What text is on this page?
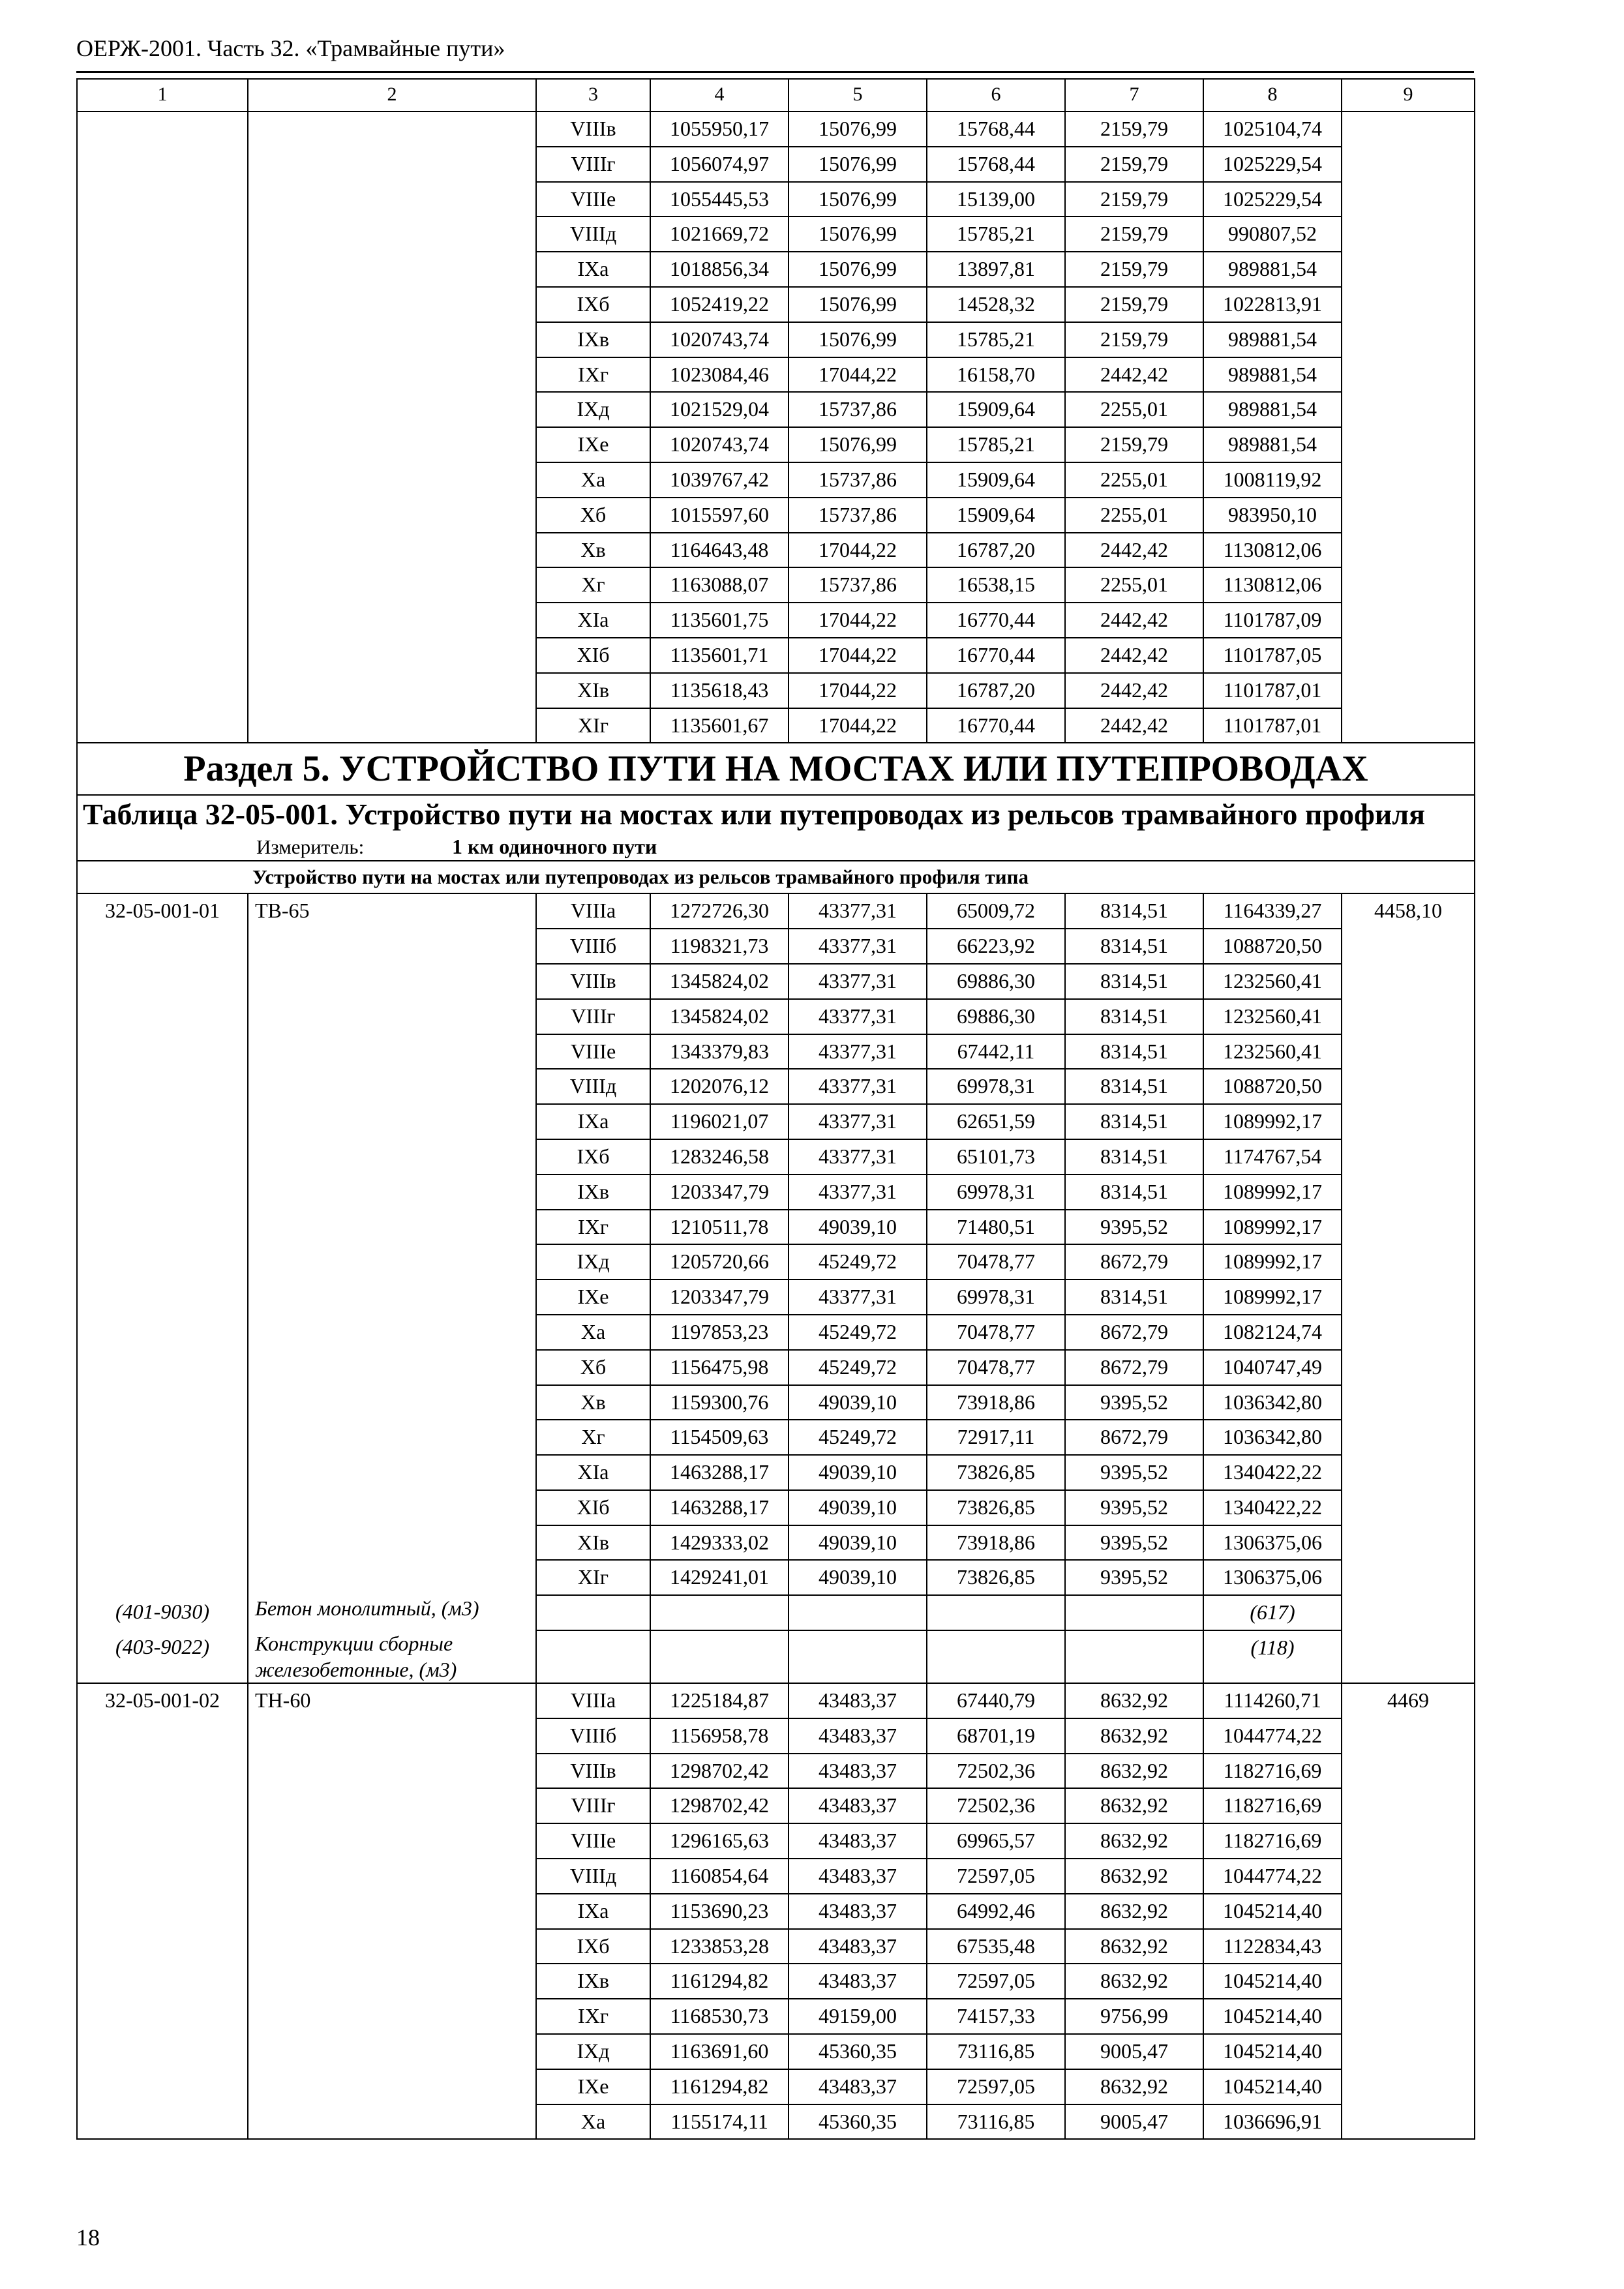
ОЕРЖ-2001. Часть 32. «Трамвайные пути»
1	2	3	4	5	6	7	8	9
		VIIIв	1055950,17	15076,99	15768,44	2159,79	1025104,74	
		VIIIг	1056074,97	15076,99	15768,44	2159,79	1025229,54	
		VIIIе	1055445,53	15076,99	15139,00	2159,79	1025229,54	
		VIIIд	1021669,72	15076,99	15785,21	2159,79	990807,52	
		IXа	1018856,34	15076,99	13897,81	2159,79	989881,54	
		IXб	1052419,22	15076,99	14528,32	2159,79	1022813,91	
		IXв	1020743,74	15076,99	15785,21	2159,79	989881,54	
		IXг	1023084,46	17044,22	16158,70	2442,42	989881,54	
		IXд	1021529,04	15737,86	15909,64	2255,01	989881,54	
		IXе	1020743,74	15076,99	15785,21	2159,79	989881,54	
		Xа	1039767,42	15737,86	15909,64	2255,01	1008119,92	
		Xб	1015597,60	15737,86	15909,64	2255,01	983950,10	
		Xв	1164643,48	17044,22	16787,20	2442,42	1130812,06	
		Xг	1163088,07	15737,86	16538,15	2255,01	1130812,06	
		XIа	1135601,75	17044,22	16770,44	2442,42	1101787,09	
		XIб	1135601,71	17044,22	16770,44	2442,42	1101787,05	
		XIв	1135618,43	17044,22	16787,20	2442,42	1101787,01	
		XIг	1135601,67	17044,22	16770,44	2442,42	1101787,01	
Раздел 5. УСТРОЙСТВО ПУТИ НА МОСТАХ ИЛИ ПУТЕПРОВОДАХ								
Таблица 32-05-001. Устройство пути на мостах или путепроводах из рельсов трамвайного профиля								
Измеритель: 1 км одиночного пути								
Устройство пути на мостах или путепроводах из рельсов трамвайного профиля типа								
32-05-001-01	ТВ-65	VIIIа	1272726,30	43377,31	65009,72	8314,51	1164339,27	4458,10
		VIIIб	1198321,73	43377,31	66223,92	8314,51	1088720,50	
		VIIIв	1345824,02	43377,31	69886,30	8314,51	1232560,41	
		VIIIг	1345824,02	43377,31	69886,30	8314,51	1232560,41	
		VIIIе	1343379,83	43377,31	67442,11	8314,51	1232560,41	
		VIIIд	1202076,12	43377,31	69978,31	8314,51	1088720,50	
		IXа	1196021,07	43377,31	62651,59	8314,51	1089992,17	
		IXб	1283246,58	43377,31	65101,73	8314,51	1174767,54	
		IXв	1203347,79	43377,31	69978,31	8314,51	1089992,17	
		IXг	1210511,78	49039,10	71480,51	9395,52	1089992,17	
		IXд	1205720,66	45249,72	70478,77	8672,79	1089992,17	
		IXе	1203347,79	43377,31	69978,31	8314,51	1089992,17	
		Xа	1197853,23	45249,72	70478,77	8672,79	1082124,74	
		Xб	1156475,98	45249,72	70478,77	8672,79	1040747,49	
		Xв	1159300,76	49039,10	73918,86	9395,52	1036342,80	
		Xг	1154509,63	45249,72	72917,11	8672,79	1036342,80	
		XIа	1463288,17	49039,10	73826,85	9395,52	1340422,22	
		XIб	1463288,17	49039,10	73826,85	9395,52	1340422,22	
		XIв	1429333,02	49039,10	73918,86	9395,52	1306375,06	
		XIг	1429241,01	49039,10	73826,85	9395,52	1306375,06	
(401-9030)	Бетон монолитный, (м3)						(617)	
(403-9022)	Конструкции сборные железобетонные, (м3)						(118)	
32-05-001-02	ТН-60	VIIIа	1225184,87	43483,37	67440,79	8632,92	1114260,71	4469
		VIIIб	1156958,78	43483,37	68701,19	8632,92	1044774,22	
		VIIIв	1298702,42	43483,37	72502,36	8632,92	1182716,69	
		VIIIг	1298702,42	43483,37	72502,36	8632,92	1182716,69	
		VIIIе	1296165,63	43483,37	69965,57	8632,92	1182716,69	
		VIIIд	1160854,64	43483,37	72597,05	8632,92	1044774,22	
		IXа	1153690,23	43483,37	64992,46	8632,92	1045214,40	
		IXб	1233853,28	43483,37	67535,48	8632,92	1122834,43	
		IXв	1161294,82	43483,37	72597,05	8632,92	1045214,40	
		IXг	1168530,73	49159,00	74157,33	9756,99	1045214,40	
		IXд	1163691,60	45360,35	73116,85	9005,47	1045214,40	
		IXе	1161294,82	43483,37	72597,05	8632,92	1045214,40	
		Xа	1155174,11	45360,35	73116,85	9005,47	1036696,91	
18
